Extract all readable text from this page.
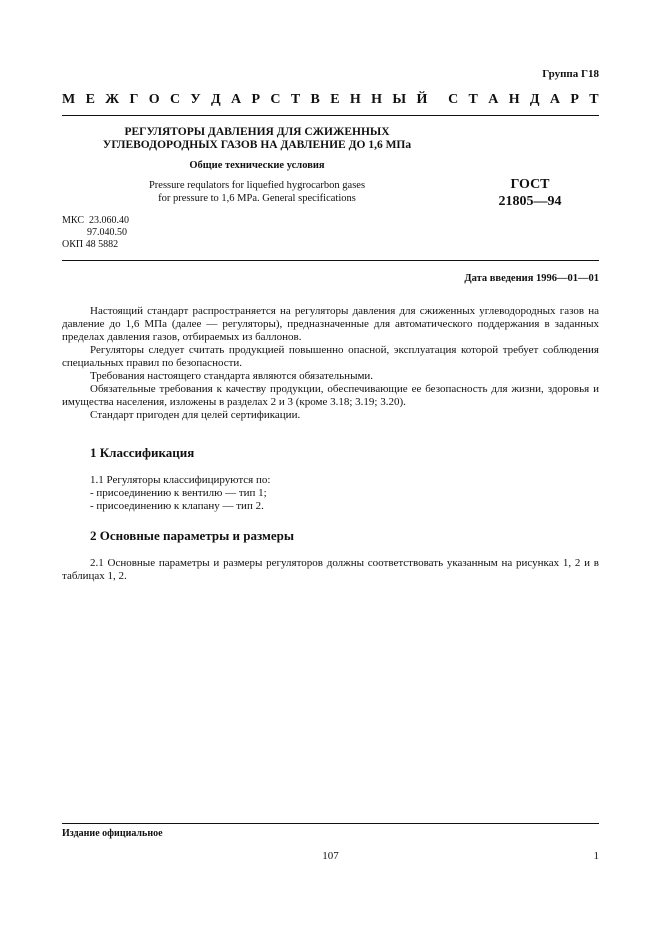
Группа Г18
М Е Ж Г О С У Д А Р С Т В Е Н Н Ы Й С Т А Н Д А Р Т
РЕГУЛЯТОРЫ ДАВЛЕНИЯ ДЛЯ СЖИЖЕННЫХ
УГЛЕВОДОРОДНЫХ ГАЗОВ НА ДАВЛЕНИЕ ДО 1,6 МПа
Общие технические условия
Pressure requlators for liquefied hygrocarbon gases
for pressure to 1,6 MPa. General specifications
ГОСТ
21805—94
МКС  23.060.40
97.040.50
ОКП 48 5882
Дата введения 1996—01—01

Настоящий стандарт распространяется на регуляторы давления для сжиженных углеводородных газов на давление до 1,6 МПа (далее — регуляторы), предназначенные для автоматического поддержания в заданных пределах давления газов, отбираемых из баллонов.

Регуляторы следует считать продукцией повышенно опасной, эксплуатация которой требует соблюдения специальных правил по безопасности.

Требования настоящего стандарта являются обязательными.

Обязательные требования к качеству продукции, обеспечивающие ее безопасность для жизни, здоровья и имущества населения, изложены в разделах 2 и 3 (кроме 3.18; 3.19; 3.20).

Стандарт пригоден для целей сертификации.

1 Классификация
1.1 Регуляторы классифицируются по:
- присоединению к вентилю — тип 1;
- присоединению к клапану — тип 2.
2 Основные параметры и размеры

2.1 Основные параметры и размеры регуляторов должны соответствовать указанным на рисунках 1, 2 и в таблицах 1, 2.

Издание официальное
107	1
